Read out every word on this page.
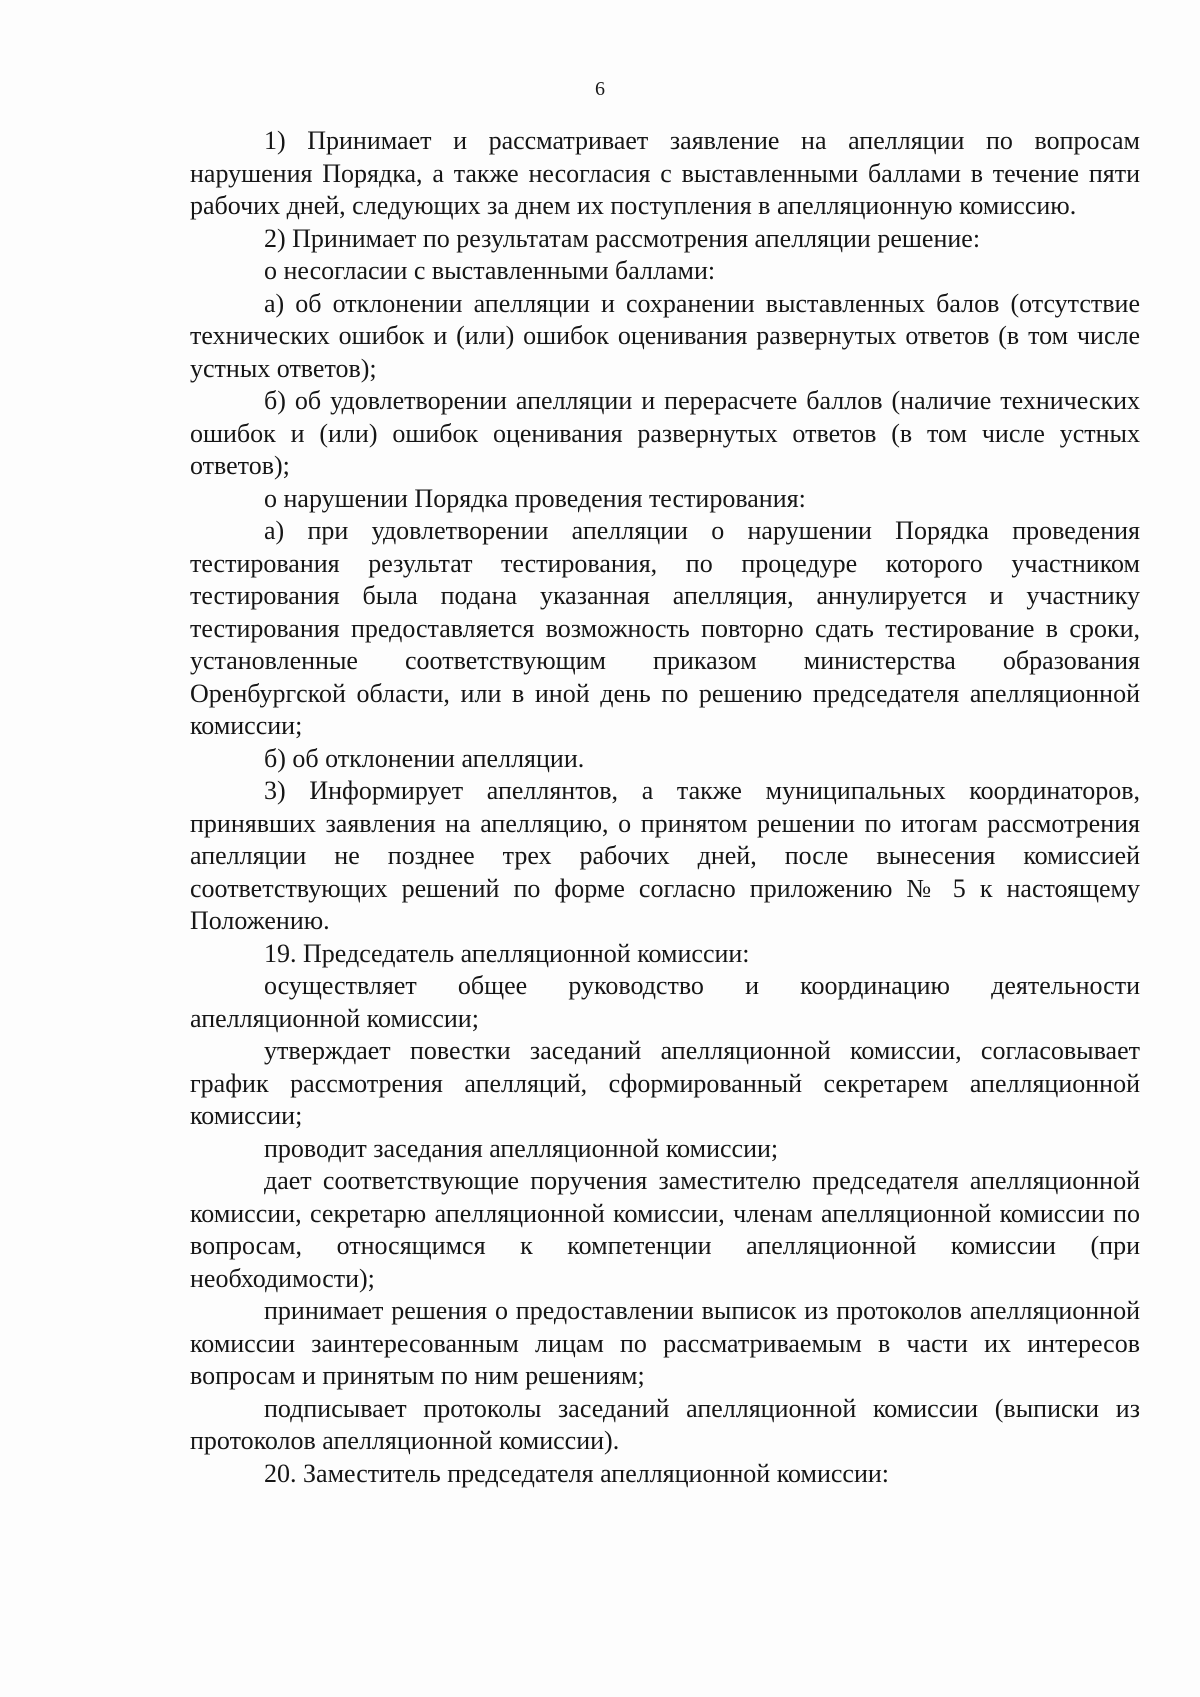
6

1) Принимает и рассматривает заявление на апелляции по вопросам нарушения Порядка, а также несогласия с выставленными баллами в течение пяти рабочих дней, следующих за днем их поступления в апелляционную комиссию.

2) Принимает по результатам рассмотрения апелляции решение:

о несогласии с выставленными баллами:

а) об отклонении апелляции и сохранении выставленных балов (отсутствие технических ошибок и (или) ошибок оценивания развернутых ответов (в том числе устных ответов);

б) об удовлетворении апелляции и перерасчете баллов (наличие технических ошибок и (или) ошибок оценивания развернутых ответов (в том числе устных ответов);

о нарушении Порядка проведения тестирования:

а) при удовлетворении апелляции о нарушении Порядка проведения тестирования результат тестирования, по процедуре которого участником тестирования была подана указанная апелляция, аннулируется и участнику тестирования предоставляется возможность повторно сдать тестирование в сроки, установленные соответствующим приказом министерства образования Оренбургской области, или в иной день по решению председателя апелляционной комиссии;

б) об отклонении апелляции.

3) Информирует апеллянтов, а также муниципальных координаторов, принявших заявления на апелляцию, о принятом решении по итогам рассмотрения апелляции не позднее трех рабочих дней, после вынесения комиссией соответствующих решений по форме согласно приложению № 5 к настоящему Положению.

19. Председатель апелляционной комиссии:

осуществляет общее руководство и координацию деятельности апелляционной комиссии;

утверждает повестки заседаний апелляционной комиссии, согласовывает график рассмотрения апелляций, сформированный секретарем апелляционной комиссии;

проводит заседания апелляционной комиссии;

дает соответствующие поручения заместителю председателя апелляционной комиссии, секретарю апелляционной комиссии, членам апелляционной комиссии по вопросам, относящимся к компетенции апелляционной комиссии (при необходимости);

принимает решения о предоставлении выписок из протоколов апелляционной комиссии заинтересованным лицам по рассматриваемым в части их интересов вопросам и принятым по ним решениям;

подписывает протоколы заседаний апелляционной комиссии (выписки из протоколов апелляционной комиссии).

20. Заместитель председателя апелляционной комиссии:
